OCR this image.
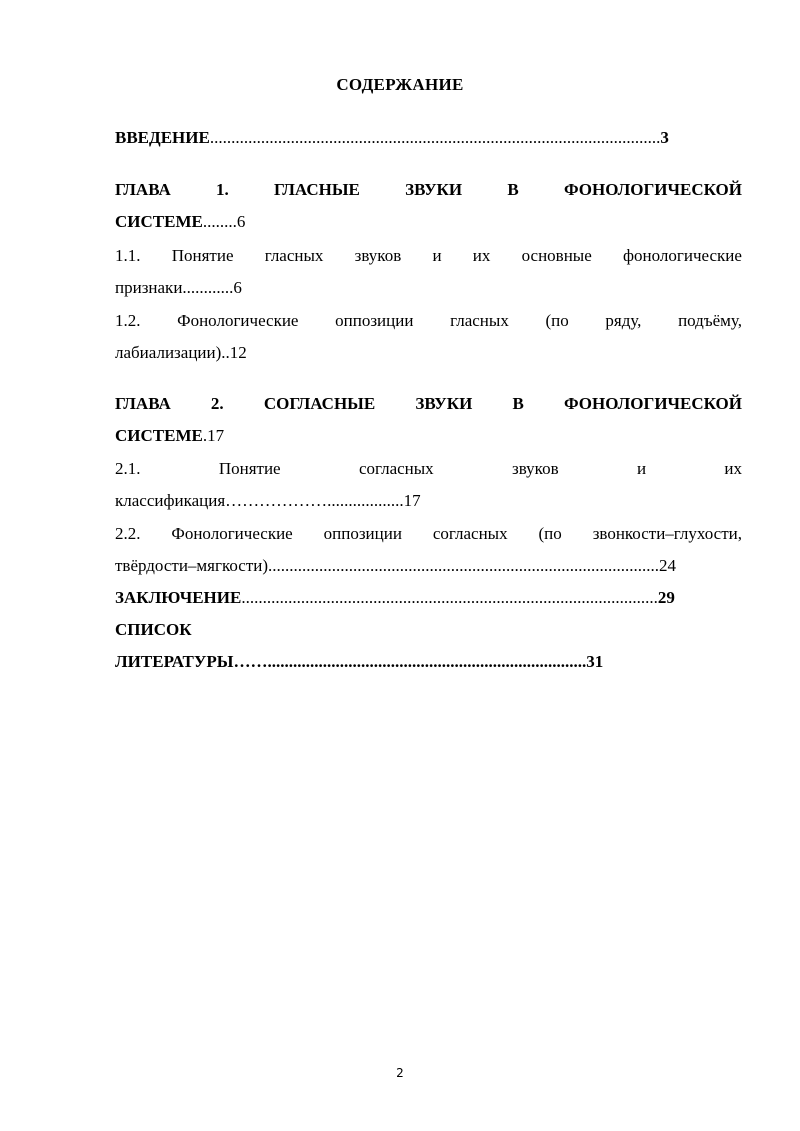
СОДЕРЖАНИЕ
ВВЕДЕНИЕ..........................................................................................................3
ГЛАВА	1.	ГЛАСНЫЕ	ЗВУКИ	В	ФОНОЛОГИЧЕСКОЙ
СИСТЕМЕ........6
1.1. Понятие гласных звуков и их основные фонологические
признаки............6
1.2. Фонологические оппозиции гласных (по ряду, подъёму,
лабиализации)..12
ГЛАВА 2. СОГЛАСНЫЕ ЗВУКИ В ФОНОЛОГИЧЕСКОЙ
СИСТЕМЕ.17
2.1.	Понятие	согласных	звуков	и	их
классификация………………..................17
2.2. Фонологические оппозиции согласных (по звонкости–глухости,
твёрдости–мягкости)............................................................................................24
ЗАКЛЮЧЕНИЕ..................................................................................................29
СПИСОК
ЛИТЕРАТУРЫ……...........................................................................31
2
